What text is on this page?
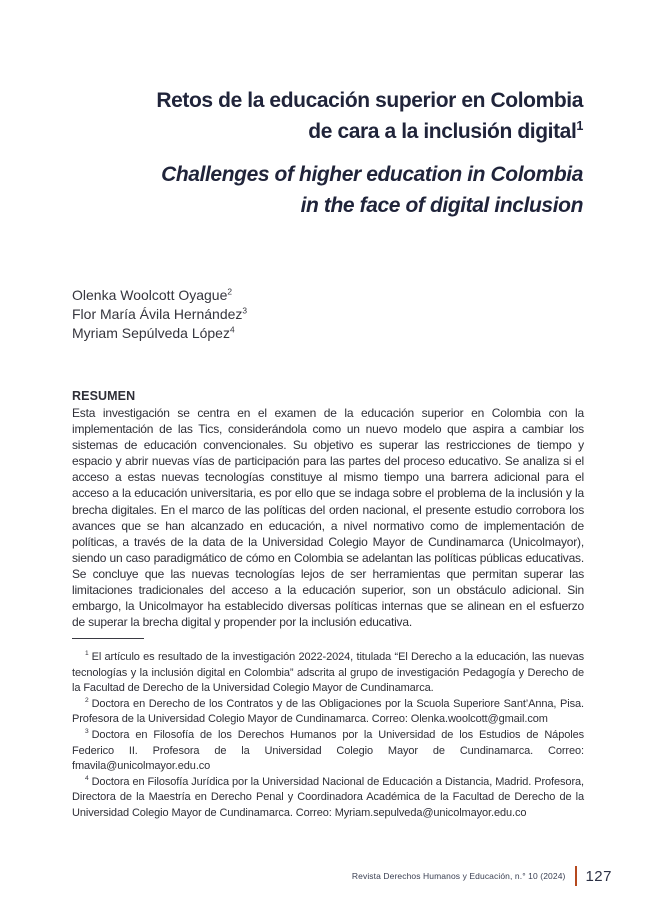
Retos de la educación superior en Colombia
de cara a la inclusión digital$^1$
Challenges of higher education in Colombia
in the face of digital inclusion

Olenka Woolcott Oyague$^2$

Flor María Ávila Hernández$^3$

Myriam Sepúlveda López$^4$

RESUMEN

Esta investigación se centra en el examen de la educación superior en Colombia con la implementación de las Tics, considerándola como un nuevo modelo que aspira a cambiar los sistemas de educación convencionales. Su objetivo es superar las restricciones de tiempo y espacio y abrir nuevas vías de participación para las partes del proceso educativo. Se analiza si el acceso a estas nuevas tecnologías constituye al mismo tiempo una barrera adicional para el acceso a la educación universitaria, es por ello que se indaga sobre el problema de la inclusión y la brecha digitales. En el marco de las políticas del orden nacional, el presente estudio corrobora los avances que se han alcanzado en educación, a nivel normativo como de implementación de políticas, a través de la data de la Universidad Colegio Mayor de Cundinamarca (Unicolmayor), siendo un caso paradigmático de cómo en Colombia se adelantan las políticas públicas educativas. Se concluye que las nuevas tecnologías lejos de ser herramientas que permitan superar las limitaciones tradicionales del acceso a la educación superior, son un obstáculo adicional. Sin embargo, la Unicolmayor ha establecido diversas políticas internas que se alinean en el esfuerzo de superar la brecha digital y propender por la inclusión educativa.

$^1$ El artículo es resultado de la investigación 2022-2024, titulada “El Derecho a la educación, las nuevas tecnologías y la inclusión digital en Colombia” adscrita al grupo de investigación Pedagogía y Derecho de la Facultad de Derecho de la Universidad Colegio Mayor de Cundinamarca.

$^2$ Doctora en Derecho de los Contratos y de las Obligaciones por la Scuola Superiore Sant’Anna, Pisa. Profesora de la Universidad Colegio Mayor de Cundinamarca. Correo: Olenka.woolcott@gmail.com

$^3$ Doctora en Filosofía de los Derechos Humanos por la Universidad de los Estudios de Nápoles Federico II. Profesora de la Universidad Colegio Mayor de Cundinamarca. Correo: fmavila@unicolmayor.edu.co

$^4$ Doctora en Filosofía Jurídica por la Universidad Nacional de Educación a Distancia, Madrid. Profesora, Directora de la Maestría en Derecho Penal y Coordinadora Académica de la Facultad de Derecho de la Universidad Colegio Mayor de Cundinamarca. Correo: Myriam.sepulveda@unicolmayor.edu.co

Revista Derechos Humanos y Educación, n.° 10 (2024) 127
